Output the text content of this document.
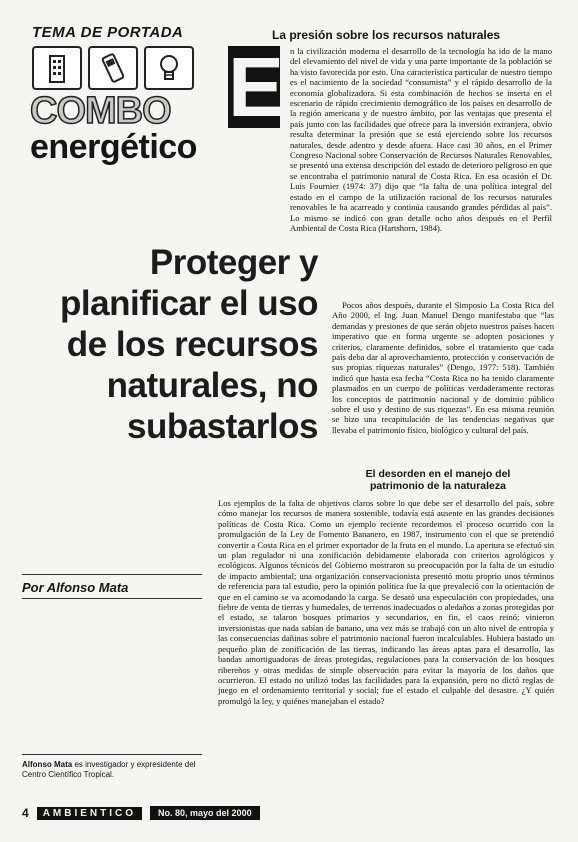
TEMA DE PORTADA
COMBO
energético
La presión sobre los recursos naturales
E n la civilización moderna el desarrollo de la tecnología ha ido de la mano del elevamiento del nivel de vida y una parte importante de la población se ha visto favorecida por esto. Una característica particular de nuestro tiempo es el nacimiento de la sociedad “consumista” y el rápido desarrollo de la economía globalizadora. Si esta combinación de hechos se inserta en el escenario de rápido crecimiento demográfico de los países en desarrollo de la región americana y de nuestro ámbito, por las ventajas que presenta el país junto con las facilidades que ofrece para la inversión extranjera, obvio resulta determinar la presión que se está ejerciendo sobre los recursos naturales, desde adentro y desde afuera. Hace casi 30 años, en el Primer Congreso Nacional sobre Conservación de Recursos Naturales Renovables, se presentó una extensa descripción del estado de deterioro peligroso en que se encontraba el patrimonio natural de Costa Rica. En esa ocasión el Dr. Luis Fournier (1974: 37) dijo que “la falta de una política integral del estado en el campo de la utilización racional de los recursos naturales renovables le ha acarreado y continúa causando grandes pérdidas al país”. Lo mismo se indicó con gran detalle ocho años después en el Perfil Ambiental de Costa Rica (Hartshorn, 1984).

Proteger y planificar el uso de los recursos naturales, no subastarlos

Pocos años después, durante el Simposio La Costa Rica del Año 2000, el Ing. Juan Manuel Dengo manifestaba que “las demandas y presiones de que serán objeto nuestros países hacen imperativo que en forma urgente se adopten posiciones y criterios, claramente definidos, sobre el tratamiento que cada país deba dar al aprovechamiento, protección y conservación de sus propias riquezas naturales” (Dengo, 1977: 518). También indicó que hasta esa fecha “Costa Rica no ha tenido claramente plasmados en un cuerpo de políticas verdaderamente rectoras los conceptos de patrimonio nacional y de dominio público sobre el uso y destino de sus riquezas”. En esa misma reunión se hizo una recapitulación de las tendencias negativas que llevaba el patrimonio físico, biológico y cultural del país.

El desorden en el manejo del patrimonio de la naturaleza

Los ejemplos de la falta de objetivos claros sobre lo que debe ser el desarrollo del país, sobre cómo manejar los recursos de manera sostenible, todavía está ausente en las grandes decisiones políticas de Costa Rica. Como un ejemplo reciente recordemos el proceso ocurrido con la promulgación de la Ley de Fomento Bananero, en 1987, instrumento con el que se pretendió convertir a Costa Rica en el primer exportador de la fruta en el mundo. La apertura se efectuó sin un plan regulador ni una zonificación debidamente elaborada con criterios agrológicos y ecológicos. Algunos técnicos del Gobierno mostraron su preocupación por la falta de un estudio de impacto ambiental; una organización conservacionista presentó motu proprio unos términos de referencia para tal estudio, pero la opinión política fue la que prevaleció con la orientación de que en el camino se va acomodando la carga. Se desató una especulación con propiedades, una fiebre de venta de tierras y humedales, de terrenos inadecuados o aledaños a zonas protegidas por el estado, se talaron bosques primarios y secundarios, en fin, el caos reinó; vinieron inversionistas que nada sabían de banano, una vez más se trabajó con un alto nivel de entropía y las consecuencias dañinas sobre el patrimonio nacional fueron incalculables. Hubiera bastado un pequeño plan de zonificación de las tierras, indicando las áreas aptas para el desarrollo, las bandas amortiguadoras de áreas protegidas, regulaciones para la conservación de los bosques ribereños y otras medidas de simple observación para evitar la mayoría de los daños que ocurrieron. El estado no utilizó todas las facilidades para la expansión, pero no dictó reglas de juego en el ordenamiento territorial y social; fue el estado el culpable del desastre. ¿Y quién promulgó la ley, y quiénes manejaban el estado?

Por Alfonso Mata
Alfonso Mata es investigador y expresidente del Centro Científico Tropical.
4	AMBIENTICO	No. 80, mayo del 2000
